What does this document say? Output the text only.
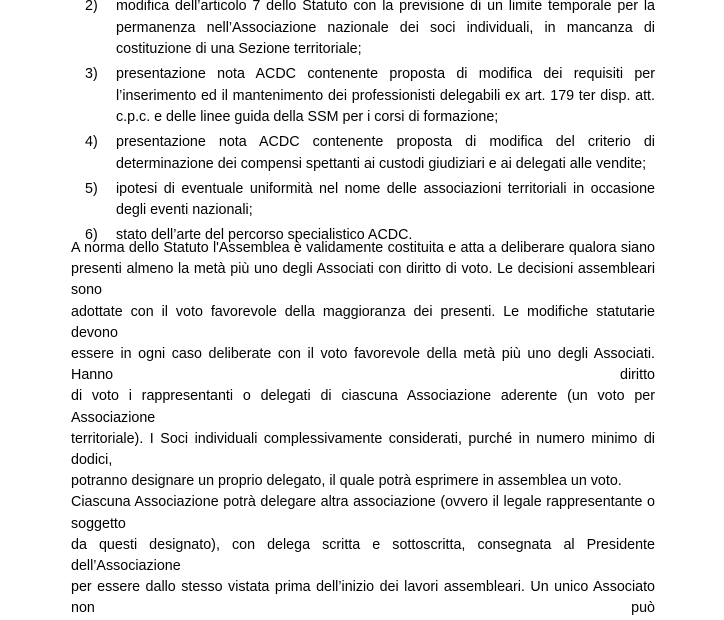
2) modifica dell’articolo 7 dello Statuto con la previsione di un limite temporale per la permanenza nell’Associazione nazionale dei soci individuali, in mancanza di costituzione di una Sezione territoriale;
3) presentazione nota ACDC contenente proposta di modifica dei requisiti per l’inserimento ed il mantenimento dei professionisti delegabili ex art. 179 ter disp. att. c.p.c. e delle linee guida della SSM per i corsi di formazione;
4) presentazione nota ACDC contenente proposta di modifica del criterio di determinazione dei compensi spettanti ai custodi giudiziari e ai delegati alle vendite;
5) ipotesi di eventuale uniformità nel nome delle associazioni territoriali in occasione degli eventi nazionali;
6) stato dell’arte del percorso specialistico ACDC.
A norma dello Statuto l'Assemblea è validamente costituita e atta a deliberare qualora siano
presenti almeno la metà più uno degli Associati con diritto di voto. Le decisioni assembleari sono
adottate con il voto favorevole della maggioranza dei presenti. Le modifiche statutarie devono
essere in ogni caso deliberate con il voto favorevole della metà più uno degli Associati. Hanno diritto
di voto i rappresentanti o delegati di ciascuna Associazione aderente (un voto per Associazione
territoriale). I Soci individuali complessivamente considerati, purché in numero minimo di dodici,
potranno designare un proprio delegato, il quale potrà esprimere in assemblea un voto.
Ciascuna Associazione potrà delegare altra associazione (ovvero il legale rappresentante o soggetto
da questi designato), con delega scritta e sottoscritta, consegnata al Presidente dell’Associazione
per essere dallo stesso vistata prima dell’inizio dei lavori assembleari. Un unico Associato non può
